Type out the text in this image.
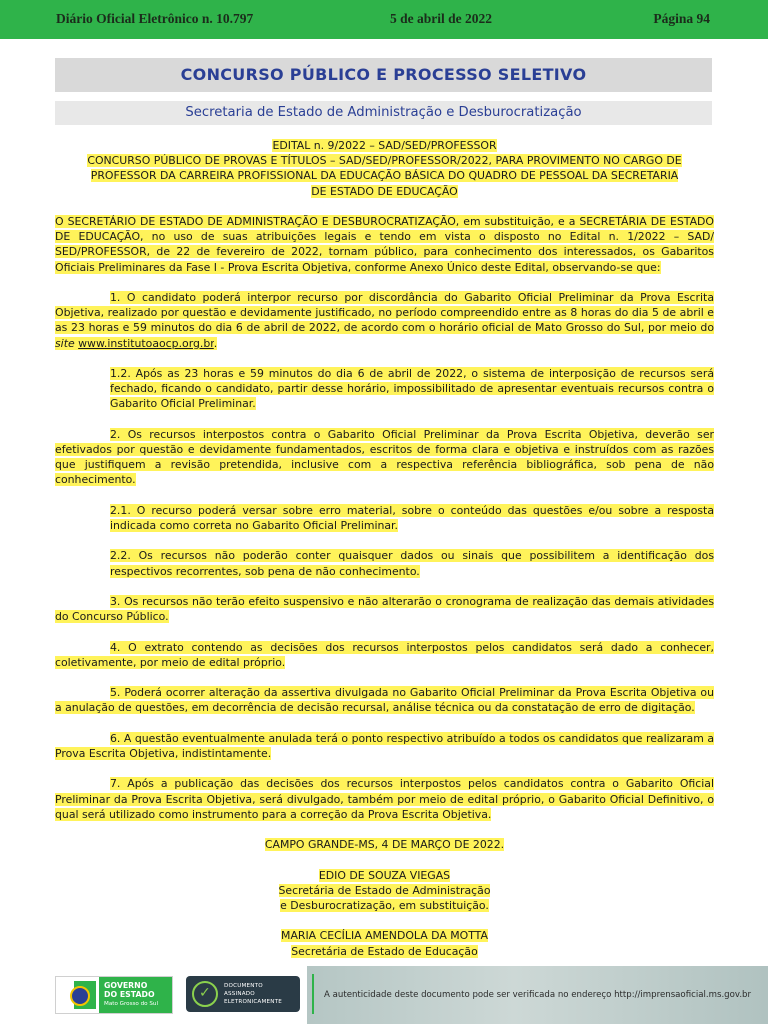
Diário Oficial Eletrônico n. 10.797	5 de abril de 2022	Página 94
CONCURSO PÚBLICO E PROCESSO SELETIVO
Secretaria de Estado de Administração e Desburocratização

EDITAL n. 9/2022 – SAD/SED/PROFESSOR

CONCURSO PÚBLICO DE PROVAS E TÍTULOS – SAD/SED/PROFESSOR/2022, PARA PROVIMENTO NO CARGO DE

PROFESSOR DA CARREIRA PROFISSIONAL DA EDUCAÇÃO BÁSICA DO QUADRO DE PESSOAL DA SECRETARIA

DE ESTADO DE EDUCAÇÃO

O SECRETÁRIO DE ESTADO DE ADMINISTRAÇÃO E DESBUROCRATIZAÇÃO, em substituição, e a SECRETÁRIA DE ESTADO DE EDUCAÇÃO, no uso de suas atribuições legais e tendo em vista o disposto no Edital n. 1/2022 – SAD/ SED/PROFESSOR, de 22 de fevereiro de 2022, tornam público, para conhecimento dos interessados, os Gabaritos Oficiais Preliminares da Fase I - Prova Escrita Objetiva, conforme Anexo Único deste Edital, observando-se que:

1. O candidato poderá interpor recurso por discordância do Gabarito Oficial Preliminar da Prova Escrita Objetiva, realizado por questão e devidamente justificado, no período compreendido entre as 8 horas do dia 5 de abril e as 23 horas e 59 minutos do dia 6 de abril de 2022, de acordo com o horário oficial de Mato Grosso do Sul, por meio do site www.institutoaocp.org.br.

1.2. Após as 23 horas e 59 minutos do dia 6 de abril de 2022, o sistema de interposição de recursos será fechado, ficando o candidato, partir desse horário, impossibilitado de apresentar eventuais recursos contra o Gabarito Oficial Preliminar.

2. Os recursos interpostos contra o Gabarito Oficial Preliminar da Prova Escrita Objetiva, deverão ser efetivados por questão e devidamente fundamentados, escritos de forma clara e objetiva e instruídos com as razões que justifiquem a revisão pretendida, inclusive com a respectiva referência bibliográfica, sob pena de não conhecimento.

2.1. O recurso poderá versar sobre erro material, sobre o conteúdo das questões e/ou sobre a resposta indicada como correta no Gabarito Oficial Preliminar.

2.2. Os recursos não poderão conter quaisquer dados ou sinais que possibilitem a identificação dos respectivos recorrentes, sob pena de não conhecimento.

3. Os recursos não terão efeito suspensivo e não alterarão o cronograma de realização das demais atividades do Concurso Público.

4. O extrato contendo as decisões dos recursos interpostos pelos candidatos será dado a conhecer, coletivamente, por meio de edital próprio.

5. Poderá ocorrer alteração da assertiva divulgada no Gabarito Oficial Preliminar da Prova Escrita Objetiva ou a anulação de questões, em decorrência de decisão recursal, análise técnica ou da constatação de erro de digitação.

6. A questão eventualmente anulada terá o ponto respectivo atribuído a todos os candidatos que realizaram a Prova Escrita Objetiva, indistintamente.

7. Após a publicação das decisões dos recursos interpostos pelos candidatos contra o Gabarito Oficial Preliminar da Prova Escrita Objetiva, será divulgado, também por meio de edital próprio, o Gabarito Oficial Definitivo, o qual será utilizado como instrumento para a correção da Prova Escrita Objetiva.

CAMPO GRANDE-MS, 4 DE MARÇO DE 2022.

EDIO DE SOUZA VIEGAS

Secretária de Estado de Administração

e Desburocratização, em substituição.

MARIA CECÍLIA AMENDOLA DA MOTTA

Secretária de Estado de Educação

GOVERNO
DO ESTADO
Mato Grosso do Sul
✓ DOCUMENTO
ASSINADO
ELETRONICAMENTE
A autenticidade deste documento pode ser verificada no endereço http://imprensaoficial.ms.gov.br
